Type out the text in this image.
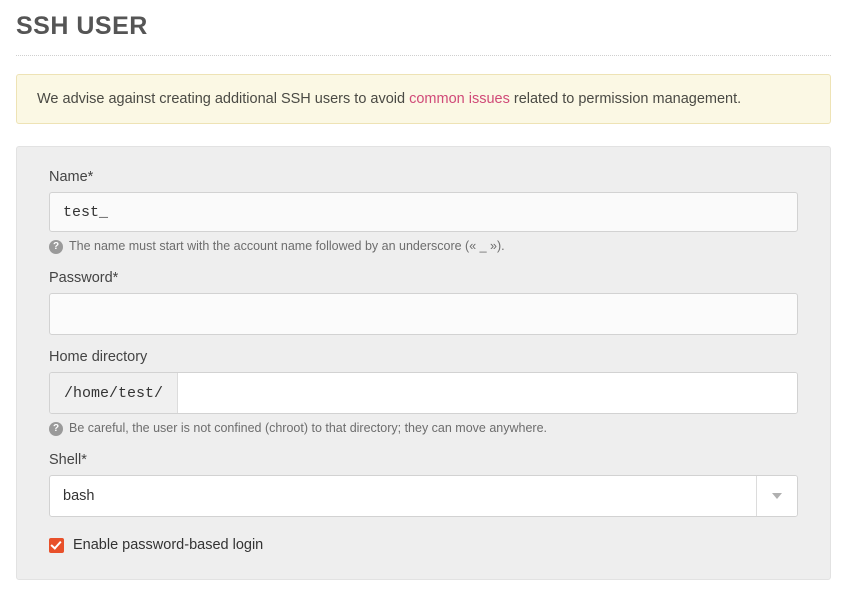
SSH USER
We advise against creating additional SSH users to avoid common issues related to permission management.
Name*
test_
? The name must start with the account name followed by an underscore (« _ »).
Password*
Home directory
/home/test/
? Be careful, the user is not confined (chroot) to that directory; they can move anywhere.
Shell*
bash
Enable password-based login
